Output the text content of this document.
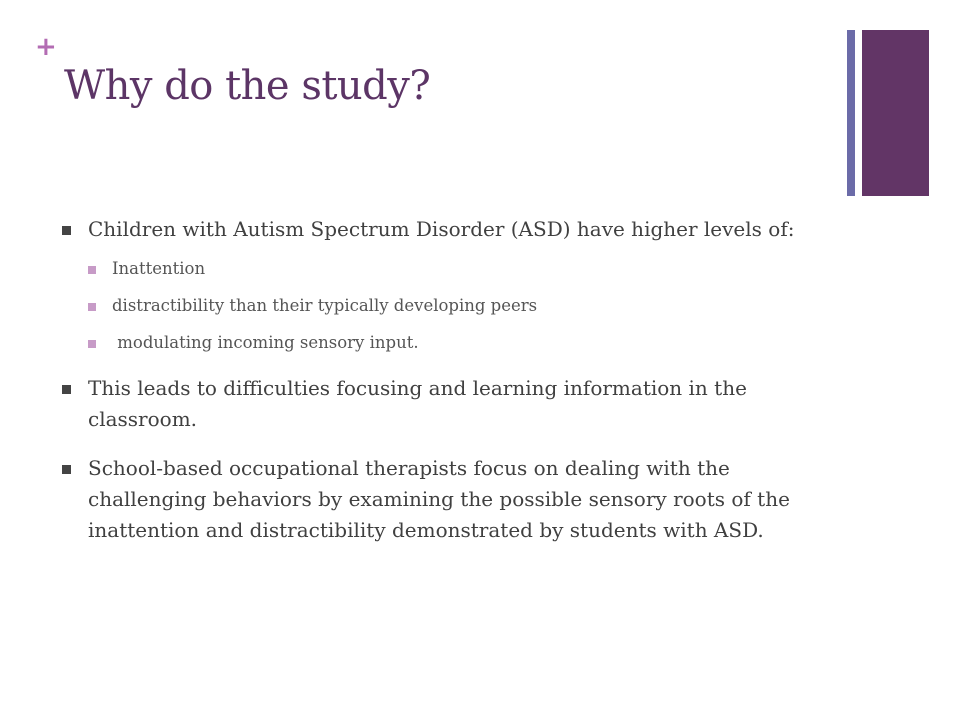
+
Why do the study?
Children with Autism Spectrum Disorder (ASD) have higher levels of:
Inattention
distractibility than their typically developing peers
modulating incoming sensory input.
This leads to difficulties focusing and learning information in the classroom.
School-based occupational therapists focus on dealing with the challenging behaviors by examining the possible sensory roots of the inattention and distractibility demonstrated by students with ASD.
